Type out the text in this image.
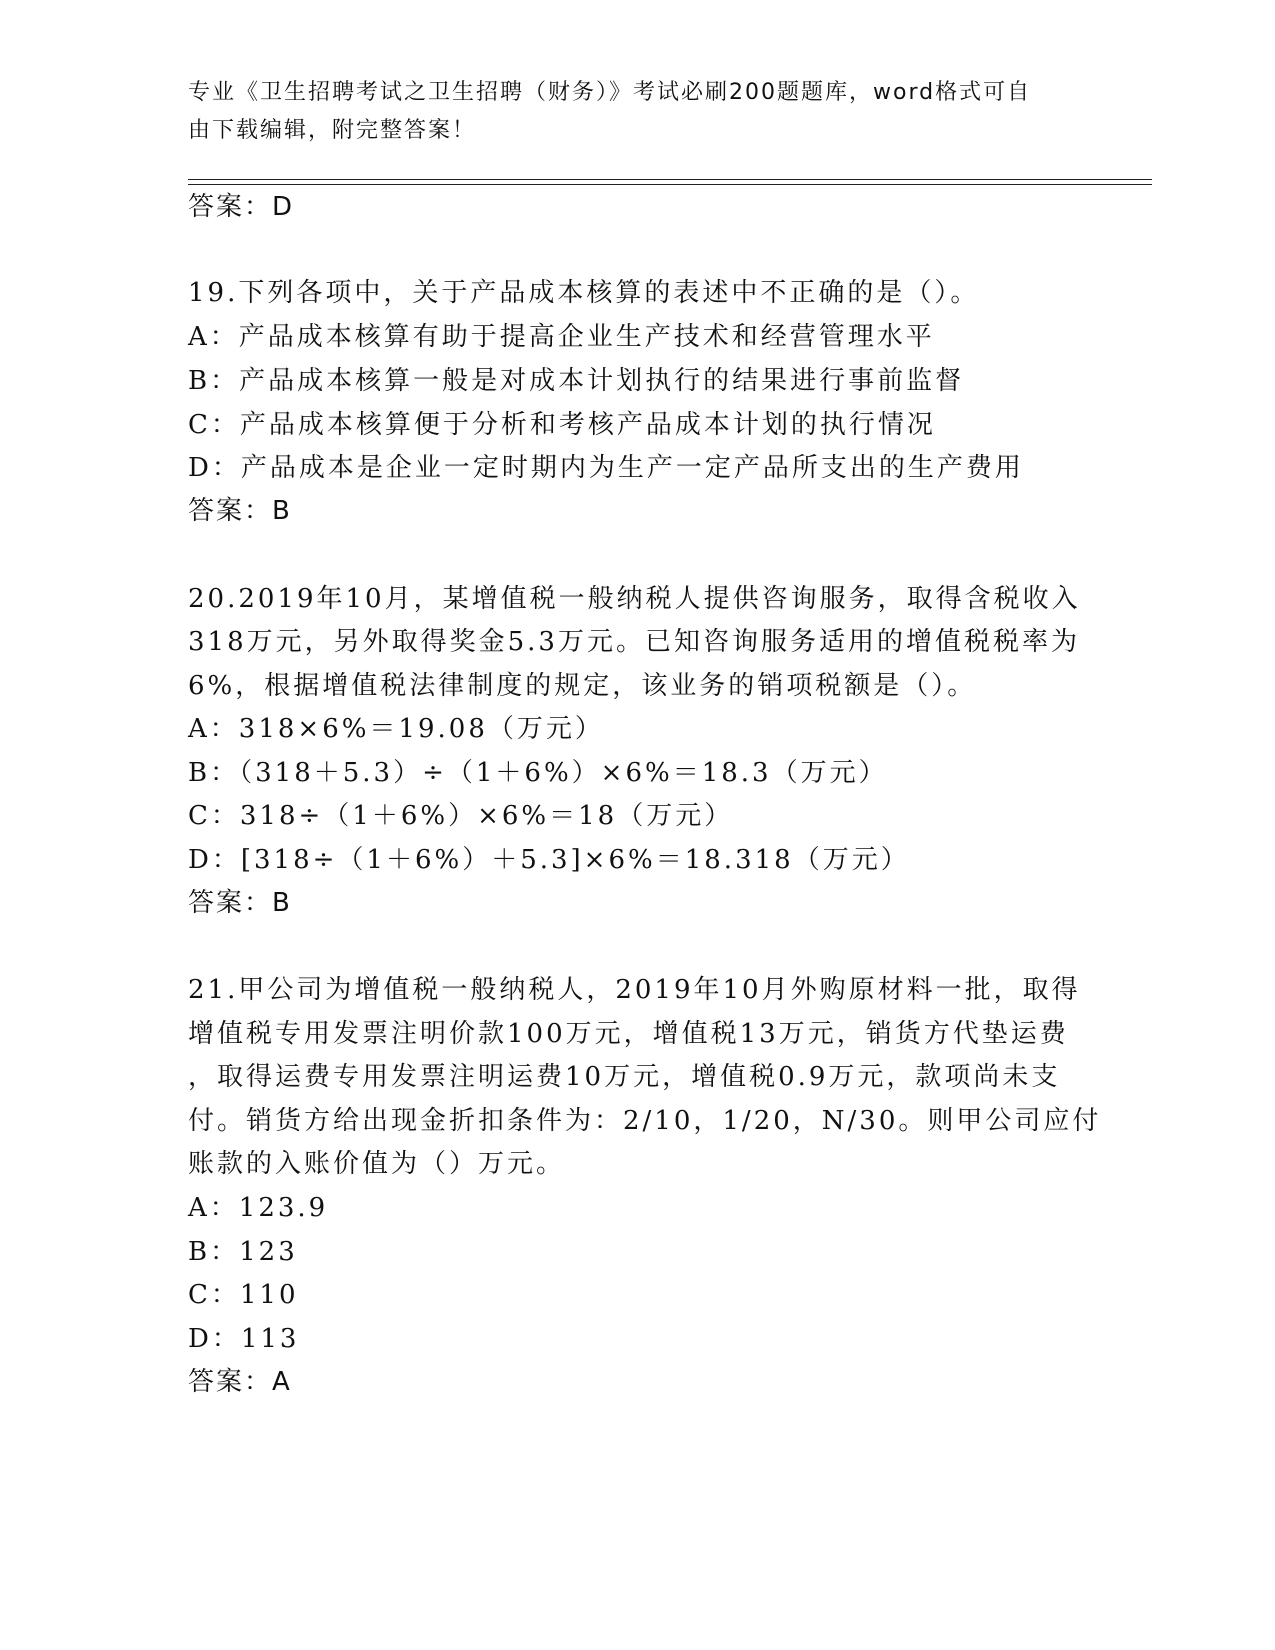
专业《卫生招聘考试之卫生招聘（财务）》考试必刷200题题库，word格式可自
由下载编辑，附完整答案！
答案：D
19.下列各项中，关于产品成本核算的表述中不正确的是（）。
A：产品成本核算有助于提高企业生产技术和经营管理水平
B：产品成本核算一般是对成本计划执行的结果进行事前监督
C：产品成本核算便于分析和考核产品成本计划的执行情况
D：产品成本是企业一定时期内为生产一定产品所支出的生产费用
答案：B
20.2019年10月，某增值税一般纳税人提供咨询服务，取得含税收入
318万元，另外取得奖金5.3万元。已知咨询服务适用的增值税税率为
6%，根据增值税法律制度的规定，该业务的销项税额是（）。
A：318×6%＝19.08（万元）
B：（318＋5.3）÷（1＋6%）×6%＝18.3（万元）
C：318÷（1＋6%）×6%＝18（万元）
D：[318÷（1＋6%）＋5.3]×6%＝18.318（万元）
答案：B
21.甲公司为增值税一般纳税人，2019年10月外购原材料一批，取得
增值税专用发票注明价款100万元，增值税13万元，销货方代垫运费
，取得运费专用发票注明运费10万元，增值税0.9万元，款项尚未支
付。销货方给出现金折扣条件为：2/10，1/20，N/30。则甲公司应付
账款的入账价值为（）万元。
A：123.9
B：123
C：110
D：113
答案：A
